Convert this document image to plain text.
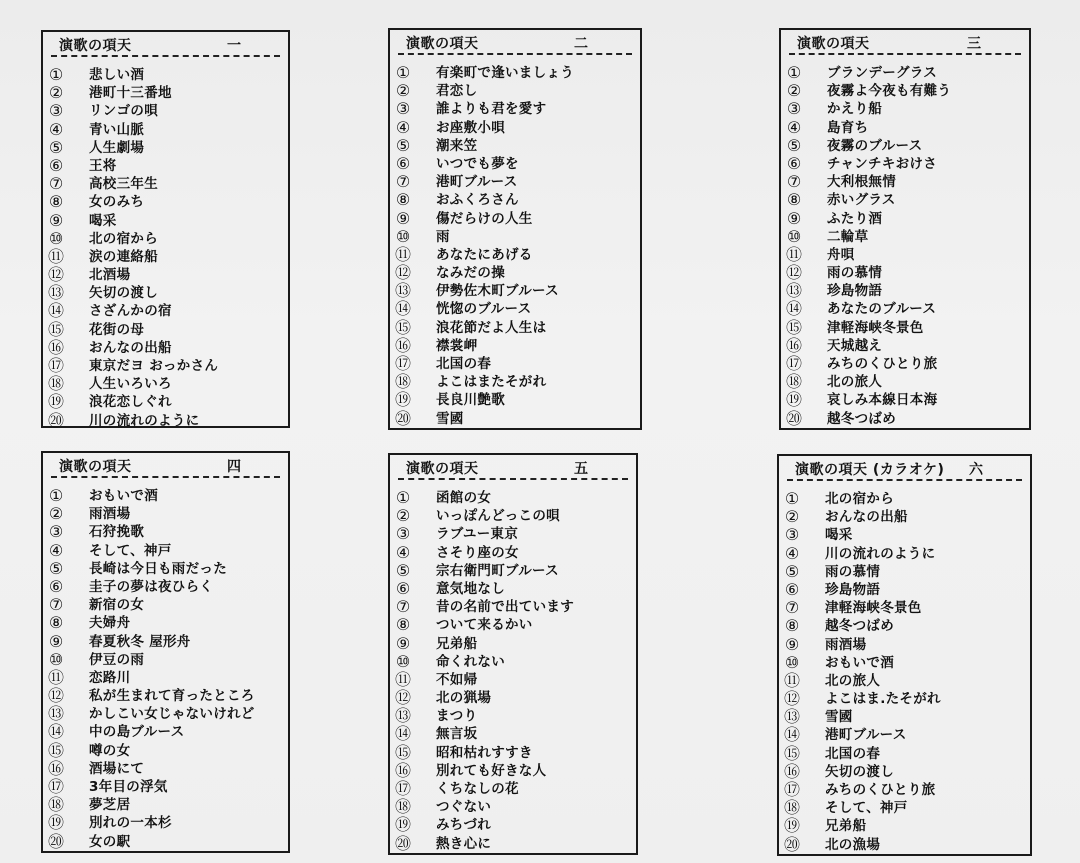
演歌の項天	一
① 悲しい酒
② 港町十三番地
③ リンゴの唄
④ 青い山脈
⑤ 人生劇場
⑥ 王将
⑦ 高校三年生
⑧ 女のみち
⑨ 喝采
⑩ 北の宿から
⑪ 涙の連絡船
⑫ 北酒場
⑬ 矢切の渡し
⑭ さざんかの宿
⑮ 花街の母
⑯ おんなの出船
⑰ 東京だヨ おっかさん
⑱ 人生いろいろ
⑲ 浪花恋しぐれ
⑳ 川の流れのように
演歌の項天	二
① 有楽町で逢いましょう
② 君恋し
③ 誰よりも君を愛す
④ お座敷小唄
⑤ 潮来笠
⑥ いつでも夢を
⑦ 港町ブルース
⑧ おふくろさん
⑨ 傷だらけの人生
⑩ 雨
⑪ あなたにあげる
⑫ なみだの操
⑬ 伊勢佐木町ブルース
⑭ 恍惚のブルース
⑮ 浪花節だよ人生は
⑯ 襟裳岬
⑰ 北国の春
⑱ よこはまたそがれ
⑲ 長良川艶歌
⑳ 雪國
演歌の項天	三
① ブランデーグラス
② 夜霧よ今夜も有難う
③ かえり船
④ 島育ち
⑤ 夜霧のブルース
⑥ チャンチキおけさ
⑦ 大利根無情
⑧ 赤いグラス
⑨ ふたり酒
⑩ 二輪草
⑪ 舟唄
⑫ 雨の慕情
⑬ 珍島物語
⑭ あなたのブルース
⑮ 津軽海峡冬景色
⑯ 天城越え
⑰ みちのくひとり旅
⑱ 北の旅人
⑲ 哀しみ本線日本海
⑳ 越冬つばめ
演歌の項天	四
① おもいで酒
② 雨酒場
③ 石狩挽歌
④ そして、神戸
⑤ 長崎は今日も雨だった
⑥ 圭子の夢は夜ひらく
⑦ 新宿の女
⑧ 夫婦舟
⑨ 春夏秋冬 屋形舟
⑩ 伊豆の雨
⑪ 恋路川
⑫ 私が生まれて育ったところ
⑬ かしこい女じゃないけれど
⑭ 中の島ブルース
⑮ 噂の女
⑯ 酒場にて
⑰ 3年目の浮気
⑱ 夢芝居
⑲ 別れの一本杉
⑳ 女の駅
演歌の項天	五
① 函館の女
② いっぽんどっこの唄
③ ラブユー東京
④ さそり座の女
⑤ 宗右衛門町ブルース
⑥ 意気地なし
⑦ 昔の名前で出ています
⑧ ついて来るかい
⑨ 兄弟船
⑩ 命くれない
⑪ 不如帰
⑫ 北の猟場
⑬ まつり
⑭ 無言坂
⑮ 昭和枯れすすき
⑯ 別れても好きな人
⑰ くちなしの花
⑱ つぐない
⑲ みちづれ
⑳ 熱き心に
演歌の項天 (カラオケ) 六
① 北の宿から
② おんなの出船
③ 喝采
④ 川の流れのように
⑤ 雨の慕情
⑥ 珍島物語
⑦ 津軽海峡冬景色
⑧ 越冬つばめ
⑨ 雨酒場
⑩ おもいで酒
⑪ 北の旅人
⑫ よこはま.たそがれ
⑬ 雪國
⑭ 港町ブルース
⑮ 北国の春
⑯ 矢切の渡し
⑰ みちのくひとり旅
⑱ そして、神戸
⑲ 兄弟船
⑳ 北の漁場
